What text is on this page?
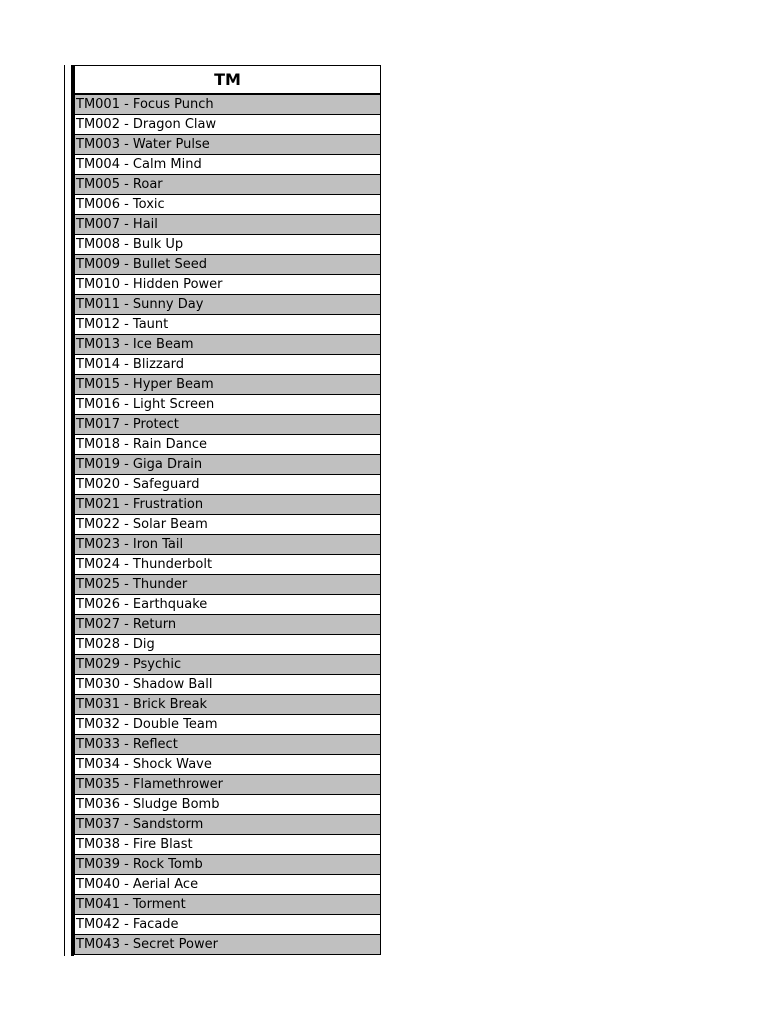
TM
TM001 - Focus Punch
TM002 - Dragon Claw
TM003 - Water Pulse
TM004 - Calm Mind
TM005 - Roar
TM006 - Toxic
TM007 - Hail
TM008 - Bulk Up
TM009 - Bullet Seed
TM010 - Hidden Power
TM011 - Sunny Day
TM012 - Taunt
TM013 - Ice Beam
TM014 - Blizzard
TM015 - Hyper Beam
TM016 - Light Screen
TM017 - Protect
TM018 - Rain Dance
TM019 - Giga Drain
TM020 - Safeguard
TM021 - Frustration
TM022 - Solar Beam
TM023 - Iron Tail
TM024 - Thunderbolt
TM025 - Thunder
TM026 - Earthquake
TM027 - Return
TM028 - Dig
TM029 - Psychic
TM030 - Shadow Ball
TM031 - Brick Break
TM032 - Double Team
TM033 - Reflect
TM034 - Shock Wave
TM035 - Flamethrower
TM036 - Sludge Bomb
TM037 - Sandstorm
TM038 - Fire Blast
TM039 - Rock Tomb
TM040 - Aerial Ace
TM041 - Torment
TM042 - Facade
TM043 - Secret Power
